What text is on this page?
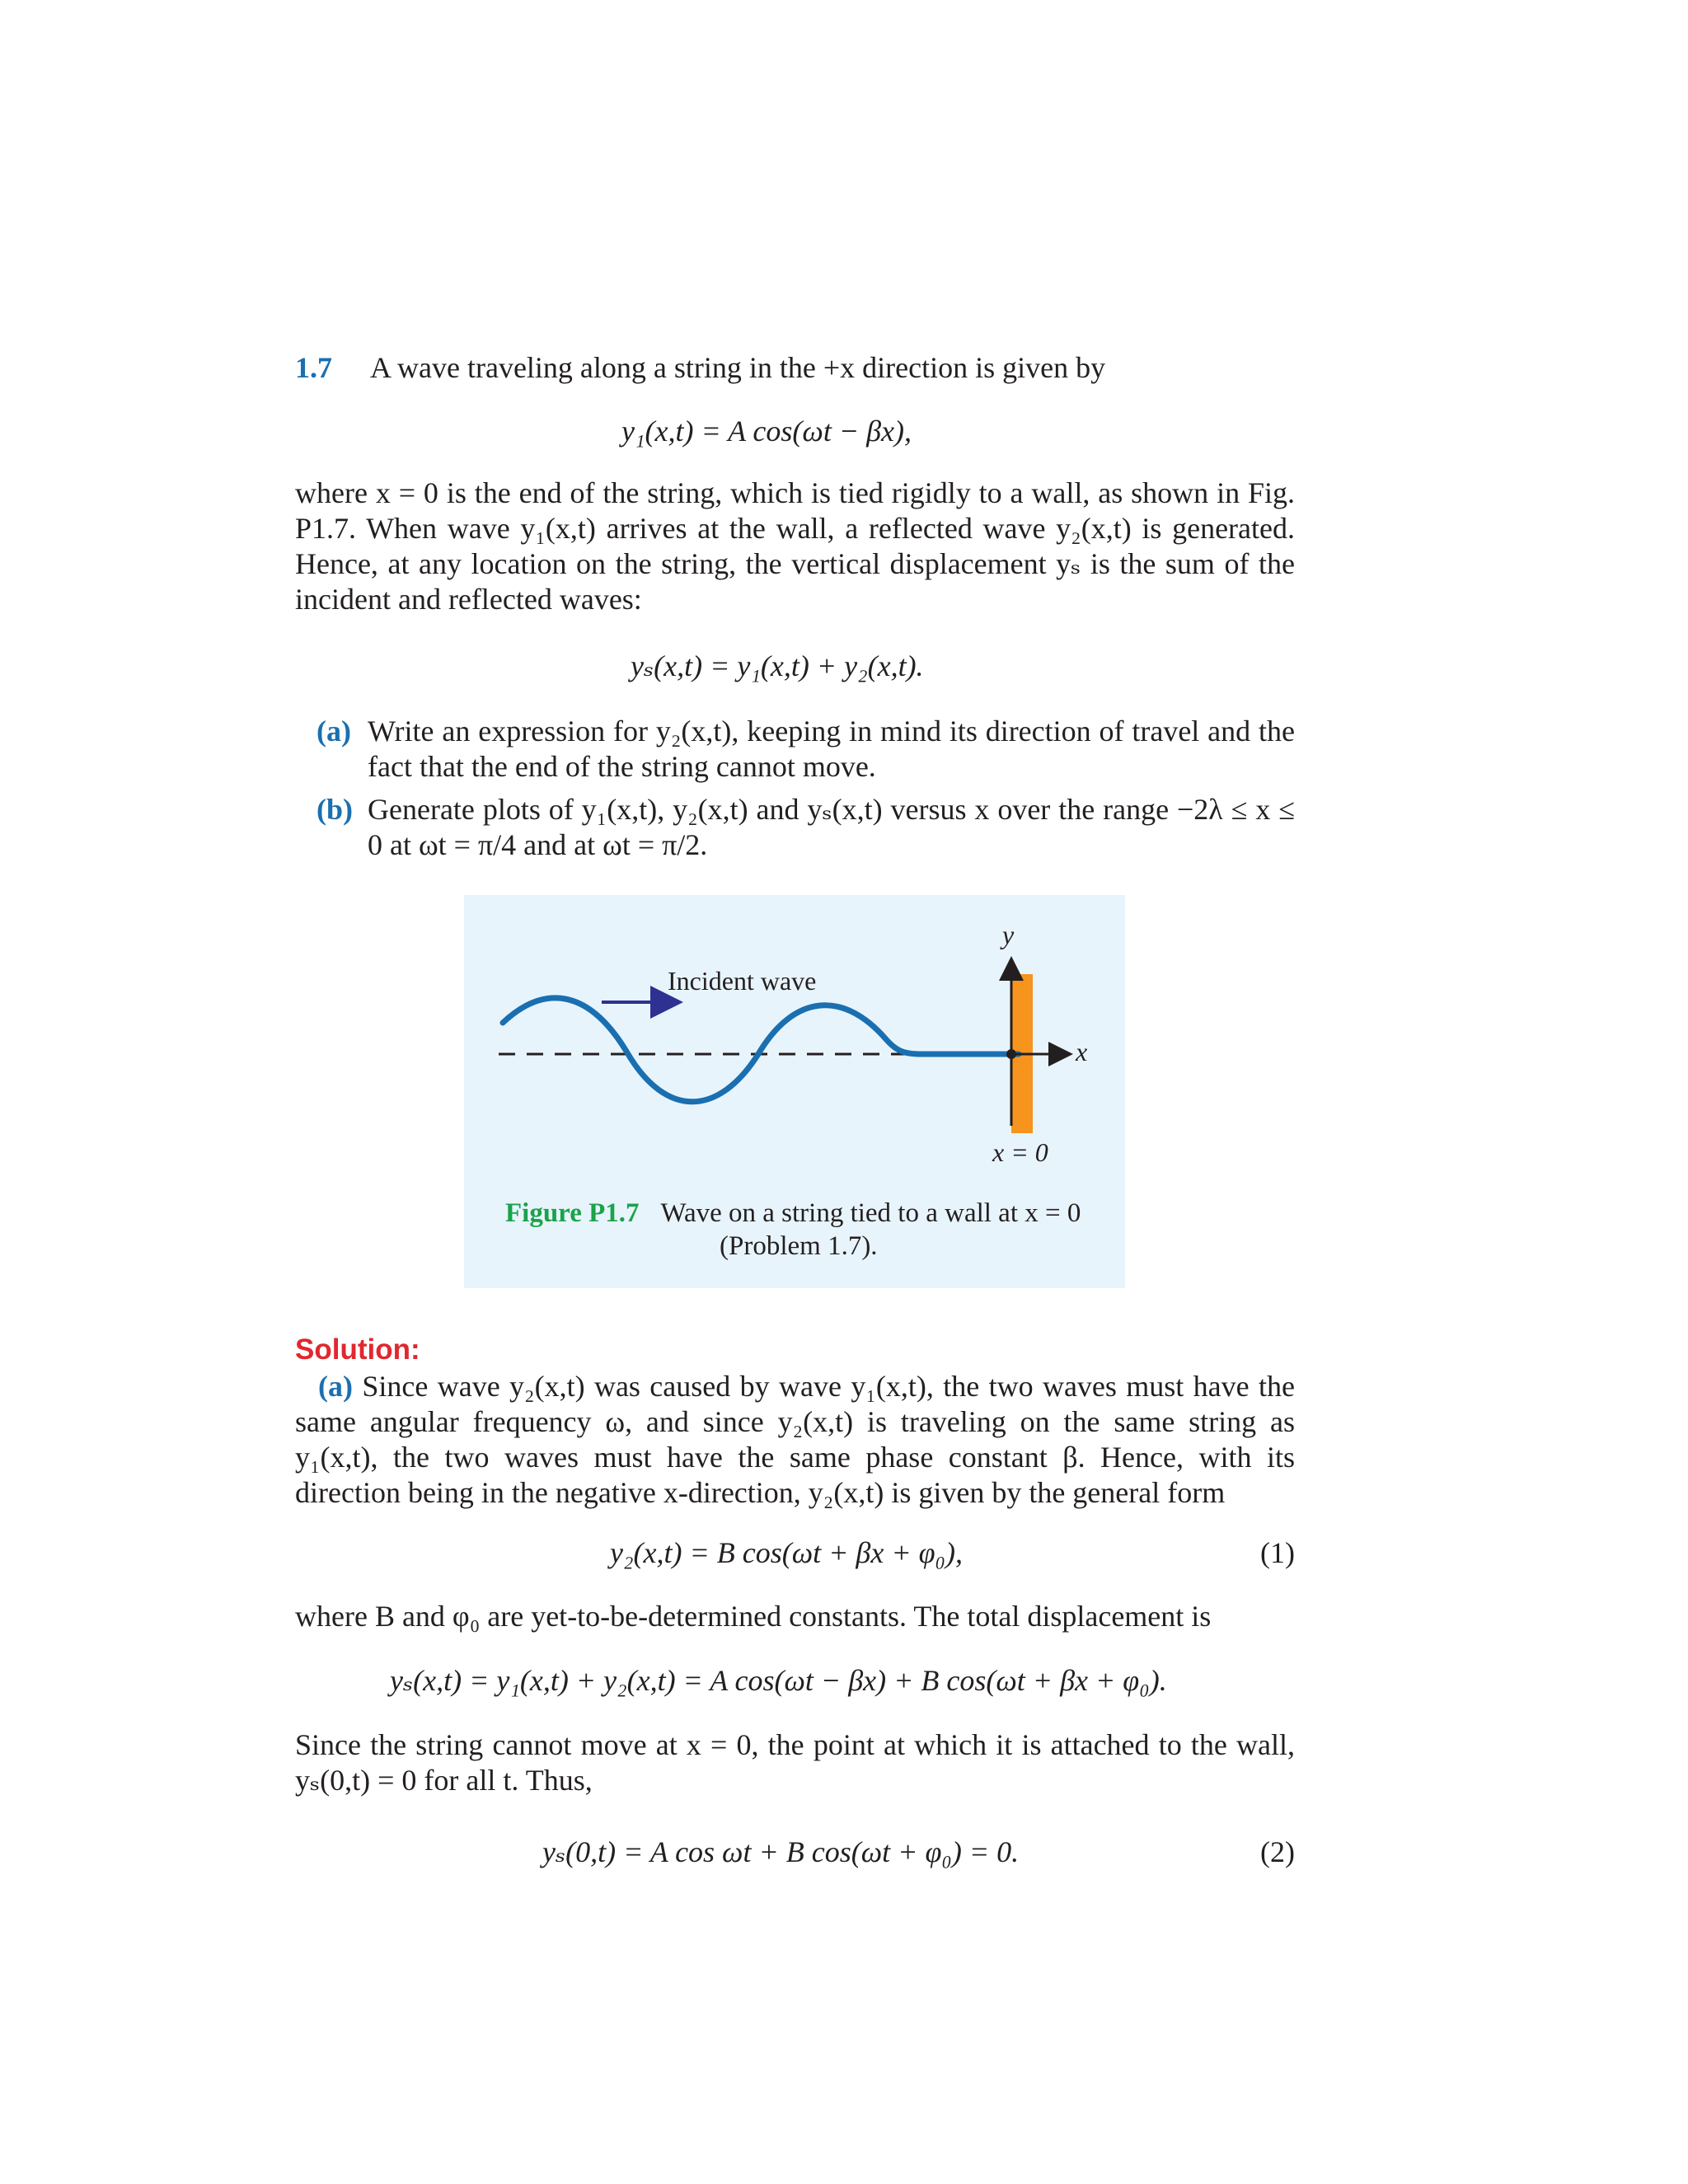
1.7 A wave traveling along a string in the +x direction is given by
y₁(x,t) = A cos(ωt − βx),
where x = 0 is the end of the string, which is tied rigidly to a wall, as shown in Fig. P1.7. When wave y₁(x,t) arrives at the wall, a reflected wave y₂(x,t) is generated. Hence, at any location on the string, the vertical displacement yₛ is the sum of the incident and reflected waves:
yₛ(x,t) = y₁(x,t) + y₂(x,t).
(a) Write an expression for y₂(x,t), keeping in mind its direction of travel and the fact that the end of the string cannot move.
(b) Generate plots of y₁(x,t), y₂(x,t) and yₛ(x,t) versus x over the range −2λ ≤ x ≤ 0 at ωt = π/4 and at ωt = π/2.
Incident wave
y
x
x = 0
Figure P1.7 Wave on a string tied to a wall at x = 0
(Problem 1.7).
Solution:
(a) Since wave y₂(x,t) was caused by wave y₁(x,t), the two waves must have the same angular frequency ω, and since y₂(x,t) is traveling on the same string as y₁(x,t), the two waves must have the same phase constant β. Hence, with its direction being in the negative x-direction, y₂(x,t) is given by the general form
y₂(x,t) = B cos(ωt + βx + φ₀),	(1)
where B and φ₀ are yet-to-be-determined constants. The total displacement is
yₛ(x,t) = y₁(x,t) + y₂(x,t) = A cos(ωt − βx) + B cos(ωt + βx + φ₀).
Since the string cannot move at x = 0, the point at which it is attached to the wall, yₛ(0,t) = 0 for all t. Thus,
yₛ(0,t) = A cos ωt + B cos(ωt + φ₀) = 0.	(2)
